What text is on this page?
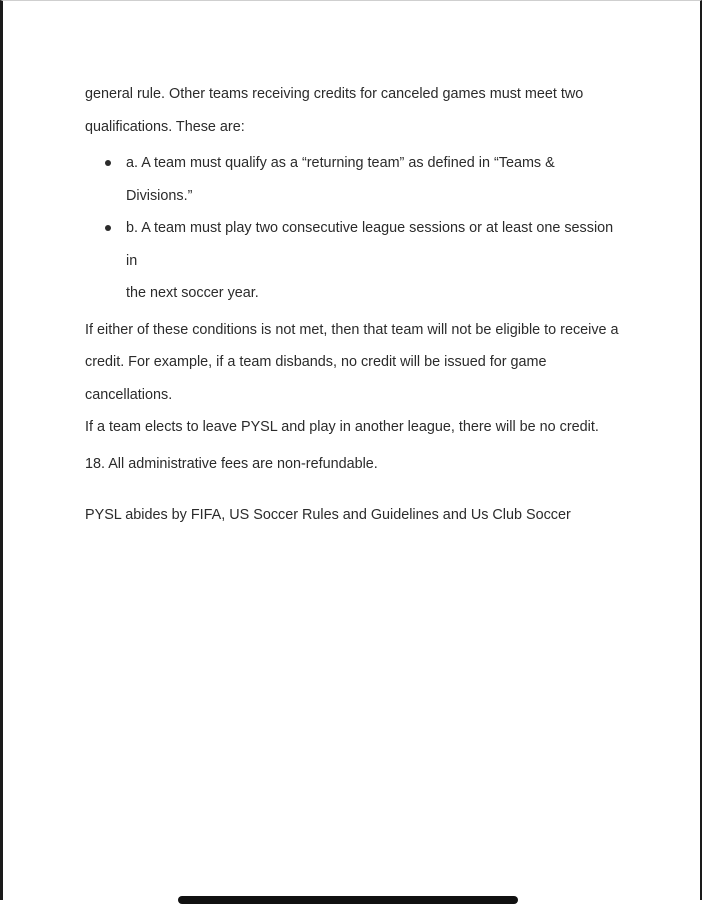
general rule. Other teams receiving credits for canceled games must meet two
qualifications. These are:

a. A team must qualify as a “returning team” as defined in “Teams & Divisions.”
b. A team must play two consecutive league sessions or at least one session in
the next soccer year.

If either of these conditions is not met, then that team will not be eligible to receive a
credit. For example, if a team disbands, no credit will be issued for game cancellations.
If a team elects to leave PYSL and play in another league, there will be no credit.

18. All administrative fees are non-refundable.

PYSL abides by FIFA, US Soccer Rules and Guidelines and Us Club Soccer
